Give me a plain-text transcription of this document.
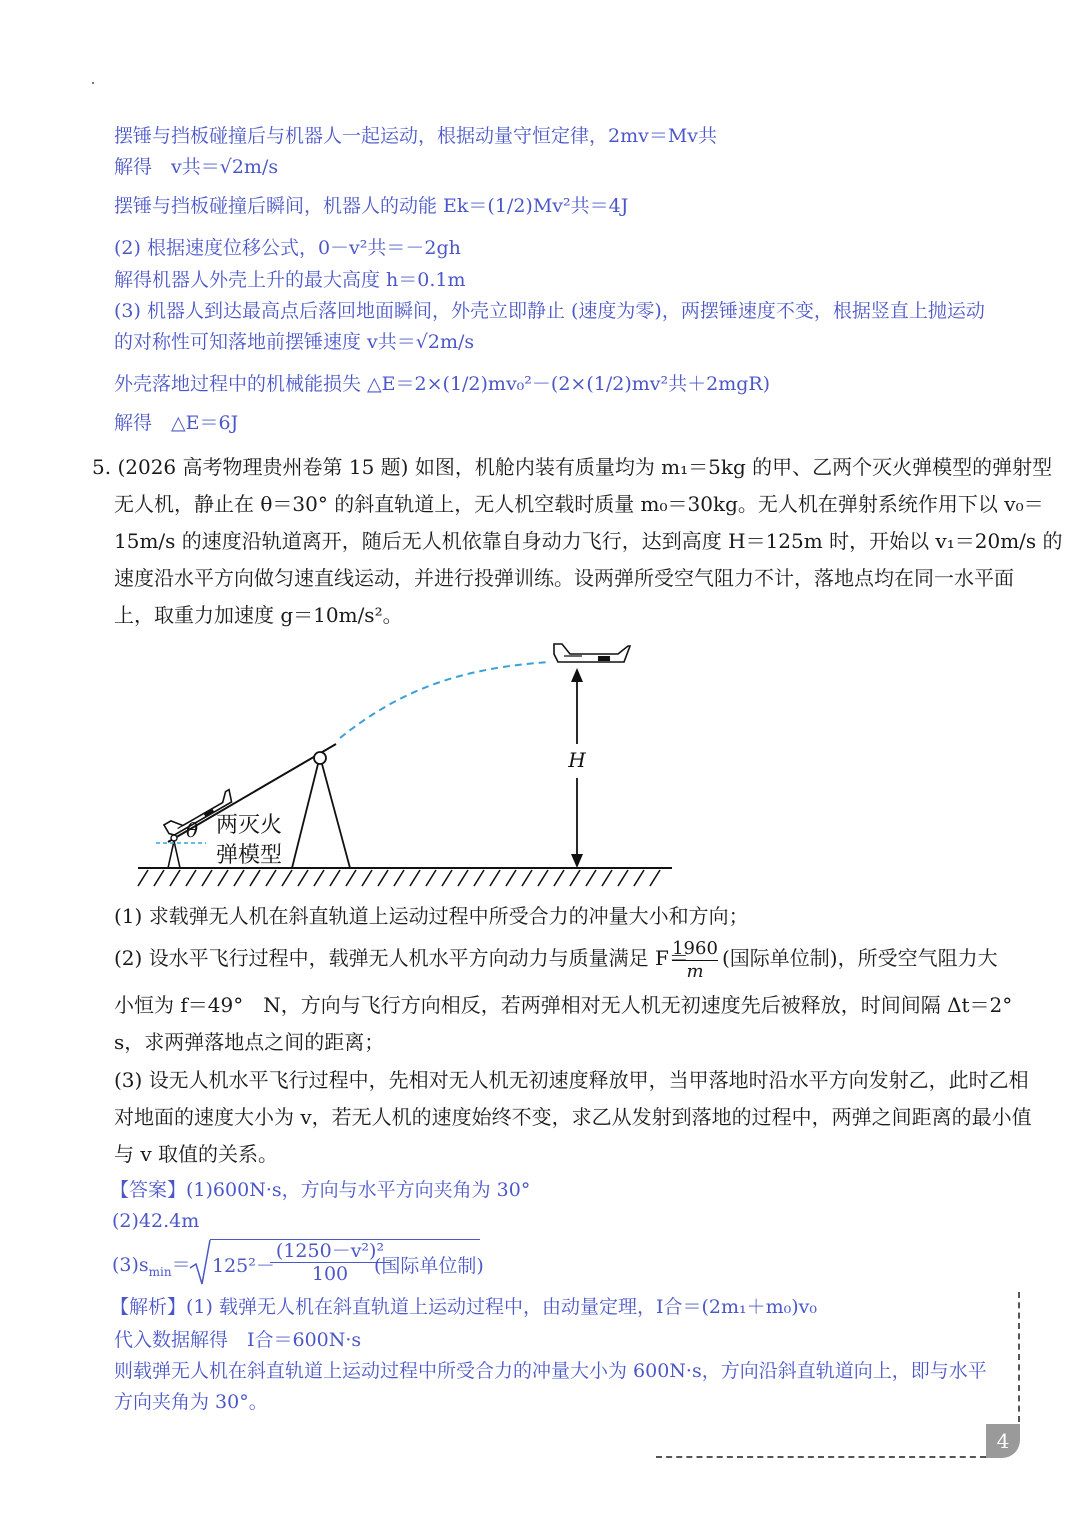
摆锤与挡板碰撞后与机器人一起运动，根据动量守恒定律，2mv＝Mv共
解得　v共＝√2m/s
摆锤与挡板碰撞后瞬间，机器人的动能 Ek＝(1/2)Mv²共＝4J
(2) 根据速度位移公式，0－v²共＝－2gh
解得机器人外壳上升的最大高度 h＝0.1m
(3) 机器人到达最高点后落回地面瞬间，外壳立即静止 (速度为零)，两摆锤速度不变，根据竖直上抛运动
的对称性可知落地前摆锤速度 v共＝√2m/s
外壳落地过程中的机械能损失 △E＝2×(1/2)mv₀²－(2×(1/2)mv²共＋2mgR)
解得　△E＝6J
5. (2026 高考物理贵州卷第 15 题) 如图，机舱内装有质量均为 m₁＝5kg 的甲、乙两个灭火弹模型的弹射型
无人机，静止在 θ＝30° 的斜直轨道上，无人机空载时质量 m₀＝30kg。无人机在弹射系统作用下以 v₀＝
15m/s 的速度沿轨道离开，随后无人机依靠自身动力飞行，达到高度 H＝125m 时，开始以 v₁＝20m/s 的
速度沿水平方向做匀速直线运动，并进行投弹训练。设两弹所受空气阻力不计，落地点均在同一水平面
上，取重力加速度 g＝10m/s²。
H
θ 两灭火
弹模型
(1) 求载弹无人机在斜直轨道上运动过程中所受合力的冲量大小和方向；
(2) 设水平飞行过程中，载弹无人机水平方向动力与质量满足 F＝
$\frac{1960}{m}$ (国际单位制)，所受空气阻力大
小恒为 f＝49°　N，方向与飞行方向相反，若两弹相对无人机无初速度先后被释放，时间间隔 Δt＝2°
s，求两弹落地点之间的距离；
(3) 设无人机水平飞行过程中，先相对无人机无初速度释放甲，当甲落地时沿水平方向发射乙，此时乙相
对地面的速度大小为 v，若无人机的速度始终不变，求乙从发射到落地的过程中，两弹之间距离的最小值
与 v 取值的关系。
【答案】(1)600N·s，方向与水平方向夹角为 30°
(2)42.4m
$(3)s_{min}= 125^2-$
$\frac{\text{(1250－v²)²}}{100}$
(国际单位制)
【解析】(1) 载弹无人机在斜直轨道上运动过程中，由动量定理，I合＝(2m₁＋m₀)v₀
代入数据解得　I合＝600N·s
则载弹无人机在斜直轨道上运动过程中所受合力的冲量大小为 600N·s，方向沿斜直轨道向上，即与水平
方向夹角为 30°。
4
